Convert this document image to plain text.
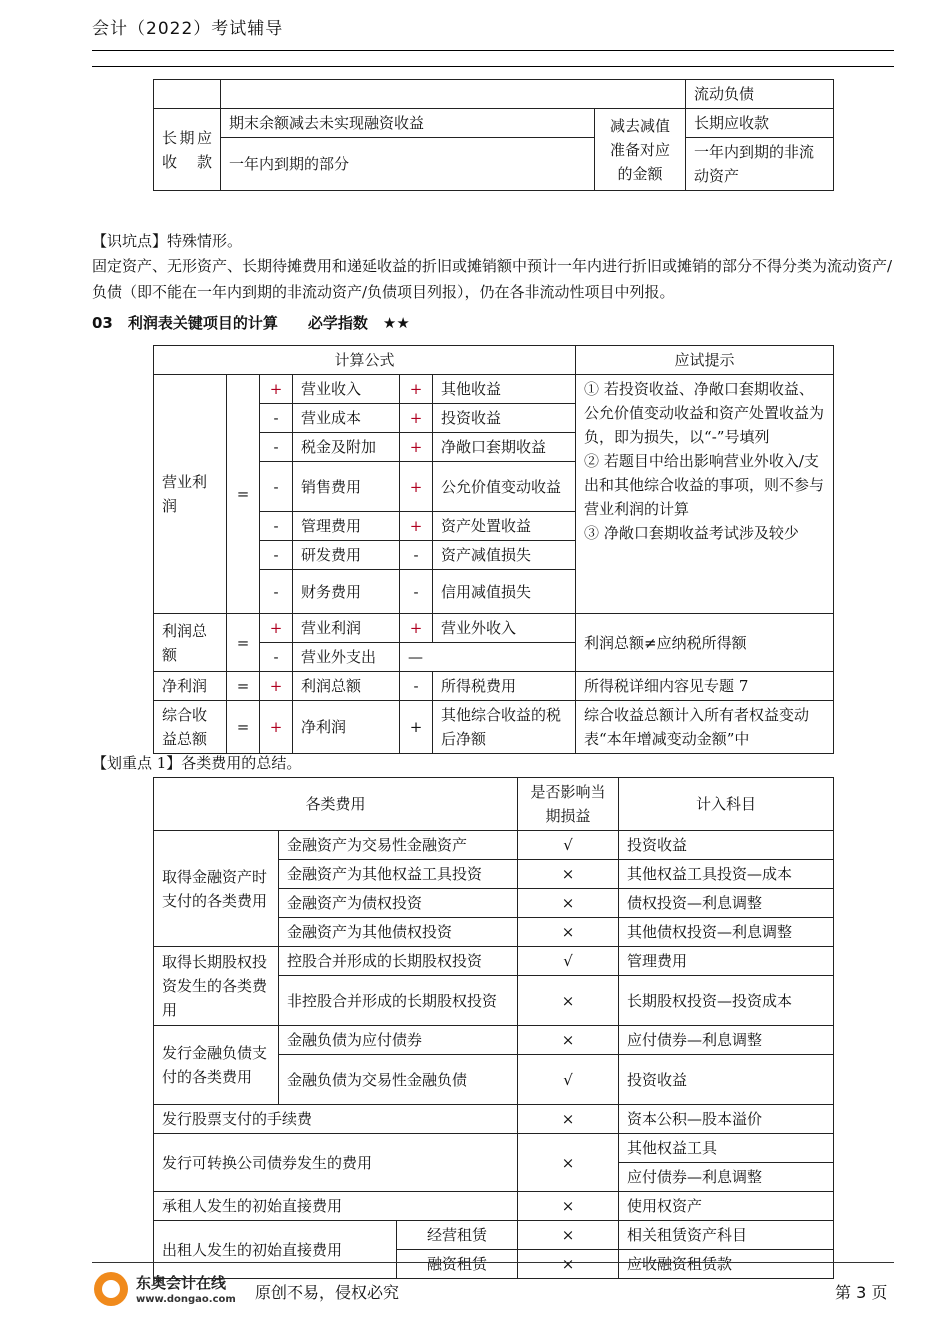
会计（2022）考试辅导
			流动负债
长期应收款	期末余额减去未实现融资收益	减去减值准备对应的金额	长期应收款
	一年内到期的部分		一年内到期的非流动资产
【识坑点】特殊情形。
固定资产、无形资产、长期待摊费用和递延收益的折旧或摊销额中预计一年内进行折旧或摊销的部分不得分类为流动资产/负债（即不能在一年内到期的非流动资产/负债项目列报），仍在各非流动性项目中列报。
03　利润表关键项目的计算　　必学指数　★★
计算公式						应试提示
营业利润	=	+	营业收入	+	其他收益	① 若投资收益、净敞口套期收益、公允价值变动收益和资产处置收益为负，即为损失，以“-”号填列
② 若题目中给出影响营业外收入/支出和其他综合收益的事项，则不参与营业利润的计算
③ 净敞口套期收益考试涉及较少
		-	营业成本	+	投资收益	
		-	税金及附加	+	净敞口套期收益	
		-	销售费用	+	公允价值变动收益	
		-	管理费用	+	资产处置收益	
		-	研发费用	-	资产减值损失	
		-	财务费用	-	信用减值损失	
利润总额	=	+	营业利润	+	营业外收入	利润总额≠应纳税所得额
		-	营业外支出	—		
净利润	=	+	利润总额	-	所得税费用	所得税详细内容见专题 7
综合收益总额	=	+	净利润	+	其他综合收益的税后净额	综合收益总额计入所有者权益变动表“本年增减变动金额”中
【划重点 1】各类费用的总结。
各类费用			是否影响当期损益	计入科目
取得金融资产时支付的各类费用	金融资产为交易性金融资产		√	投资收益
	金融资产为其他权益工具投资		×	其他权益工具投资—成本
	金融资产为债权投资		×	债权投资—利息调整
	金融资产为其他债权投资		×	其他债权投资—利息调整
取得长期股权投资发生的各类费用	控股合并形成的长期股权投资		√	管理费用
	非控股合并形成的长期股权投资		×	长期股权投资—投资成本
发行金融负债支付的各类费用	金融负债为应付债券		×	应付债券—利息调整
	金融负债为交易性金融负债		√	投资收益
发行股票支付的手续费			×	资本公积—股本溢价
发行可转换公司债券发生的费用			×	其他权益工具
				应付债券—利息调整
承租人发生的初始直接费用			×	使用权资产
出租人发生的初始直接费用		经营租赁	×	相关租赁资产科目
		融资租赁	×	应收融资租赁款
东奥会计在线
www.dongao.com 原创不易，侵权必究	第 3 页
